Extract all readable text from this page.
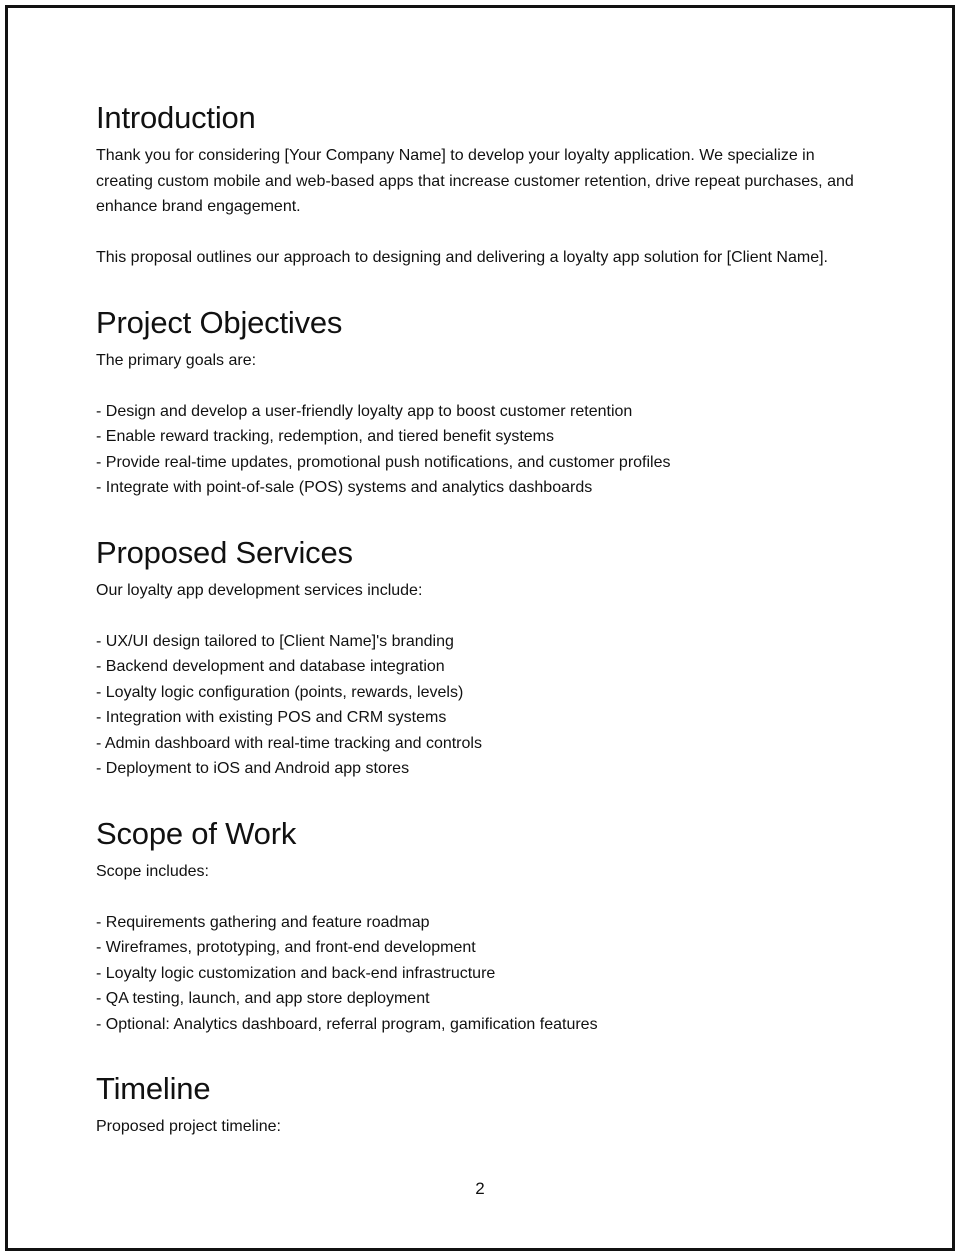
Introduction

Thank you for considering [Your Company Name] to develop your loyalty application. We specialize in creating custom mobile and web-based apps that increase customer retention, drive repeat purchases, and enhance brand engagement.

This proposal outlines our approach to designing and delivering a loyalty app solution for [Client Name].

Project Objectives

The primary goals are:

- Design and develop a user-friendly loyalty app to boost customer retention
- Enable reward tracking, redemption, and tiered benefit systems
- Provide real-time updates, promotional push notifications, and customer profiles
- Integrate with point-of-sale (POS) systems and analytics dashboards
Proposed Services

Our loyalty app development services include:

- UX/UI design tailored to [Client Name]'s branding
- Backend development and database integration
- Loyalty logic configuration (points, rewards, levels)
- Integration with existing POS and CRM systems
- Admin dashboard with real-time tracking and controls
- Deployment to iOS and Android app stores
Scope of Work

Scope includes:

- Requirements gathering and feature roadmap
- Wireframes, prototyping, and front-end development
- Loyalty logic customization and back-end infrastructure
- QA testing, launch, and app store deployment
- Optional: Analytics dashboard, referral program, gamification features
Timeline

Proposed project timeline:

2
